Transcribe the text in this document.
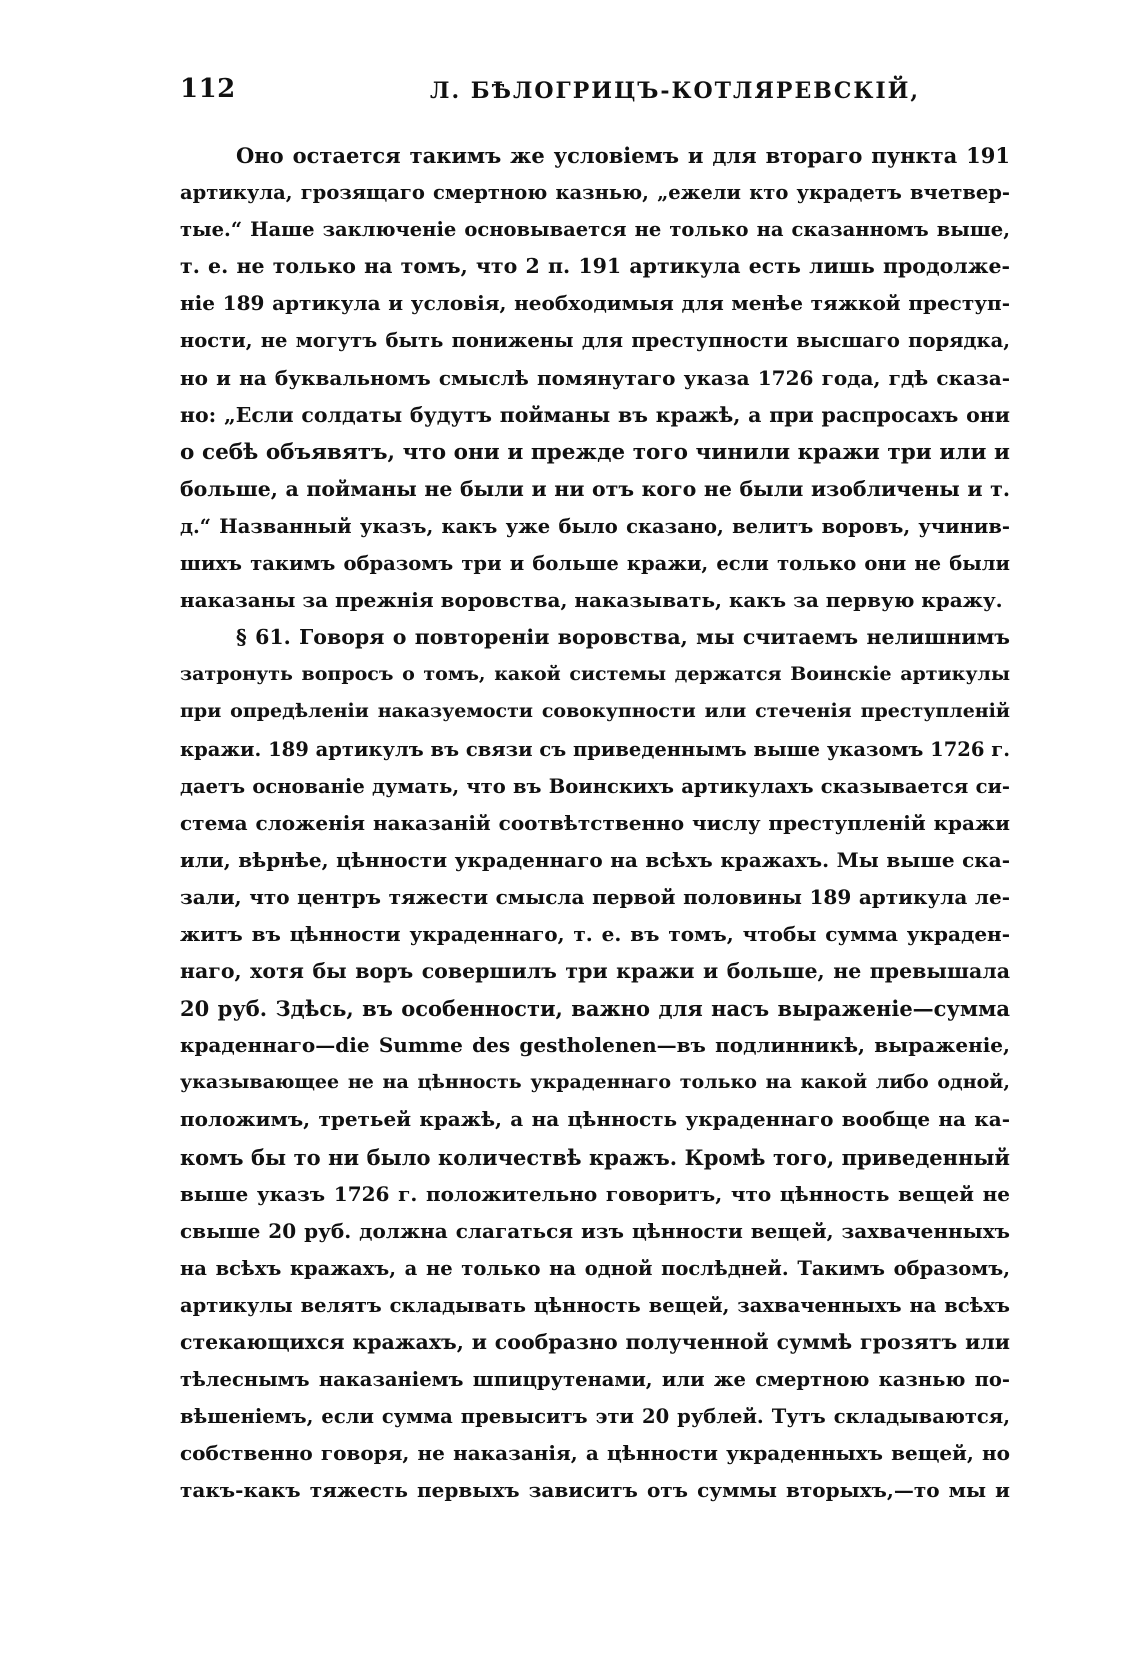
112	Л. БѢЛОГРИЦЪ-КОТЛЯРЕВСКІЙ,
Оно остается такимъ же условіемъ и для втораго пункта 191
артикула, грозящаго смертною казнью, „ежели кто украдетъ вчетвер-
тые.“ Наше заключеніе основывается не только на сказанномъ выше,
т. е. не только на томъ, что 2 п. 191 артикула есть лишь продолже-
ніе 189 артикула и условія, необходимыя для менѣе тяжкой преступ-
ности, не могутъ быть понижены для преступности высшаго порядка,
но и на буквальномъ смыслѣ помянутаго указа 1726 года, гдѣ сказа-
но: „Если солдаты будутъ пойманы въ кражѣ, а при распросахъ они
о себѣ объявятъ, что они и прежде того чинили кражи три или и
больше, а пойманы не были и ни отъ кого не были изобличены и т.
д.“ Названный указъ, какъ уже было сказано, велитъ воровъ, учинив-
шихъ такимъ образомъ три и больше кражи, если только они не были
наказаны за прежнія воровства, наказывать, какъ за первую кражу.
§ 61. Говоря о повтореніи воровства, мы считаемъ нелишнимъ
затронуть вопросъ о томъ, какой системы держатся Воинскіе артикулы
при опредѣленіи наказуемости совокупности или стеченія преступленій
кражи. 189 артикулъ въ связи съ приведеннымъ выше указомъ 1726 г.
даетъ основаніе думать, что въ Воинскихъ артикулахъ сказывается си-
стема сложенія наказаній соотвѣтственно числу преступленій кражи
или, вѣрнѣе, цѣнности украденнаго на всѣхъ кражахъ. Мы выше ска-
зали, что центръ тяжести смысла первой половины 189 артикула ле-
житъ въ цѣнности украденнаго, т. е. въ томъ, чтобы сумма украден-
наго, хотя бы воръ совершилъ три кражи и больше, не превышала
20 руб. Здѣсь, въ особенности, важно для насъ выраженіе—сумма
краденнаго—die Summe des gestholenen—въ подлинникѣ, выраженіе,
указывающее не на цѣнность украденнаго только на какой либо одной,
положимъ, третьей кражѣ, а на цѣнность украденнаго вообще на ка-
комъ бы то ни было количествѣ кражъ. Кромѣ того, приведенный
выше указъ 1726 г. положительно говоритъ, что цѣнность вещей не
свыше 20 руб. должна слагаться изъ цѣнности вещей, захваченныхъ
на всѣхъ кражахъ, а не только на одной послѣдней. Такимъ образомъ,
артикулы велятъ складывать цѣнность вещей, захваченныхъ на всѣхъ
стекающихся кражахъ, и сообразно полученной суммѣ грозятъ или
тѣлеснымъ наказаніемъ шпицрутенами, или же смертною казнью по-
вѣшеніемъ, если сумма превыситъ эти 20 рублей. Тутъ складываются,
собственно говоря, не наказанія, а цѣнности украденныхъ вещей, но
такъ-какъ тяжесть первыхъ зависитъ отъ суммы вторыхъ,—то мы и
